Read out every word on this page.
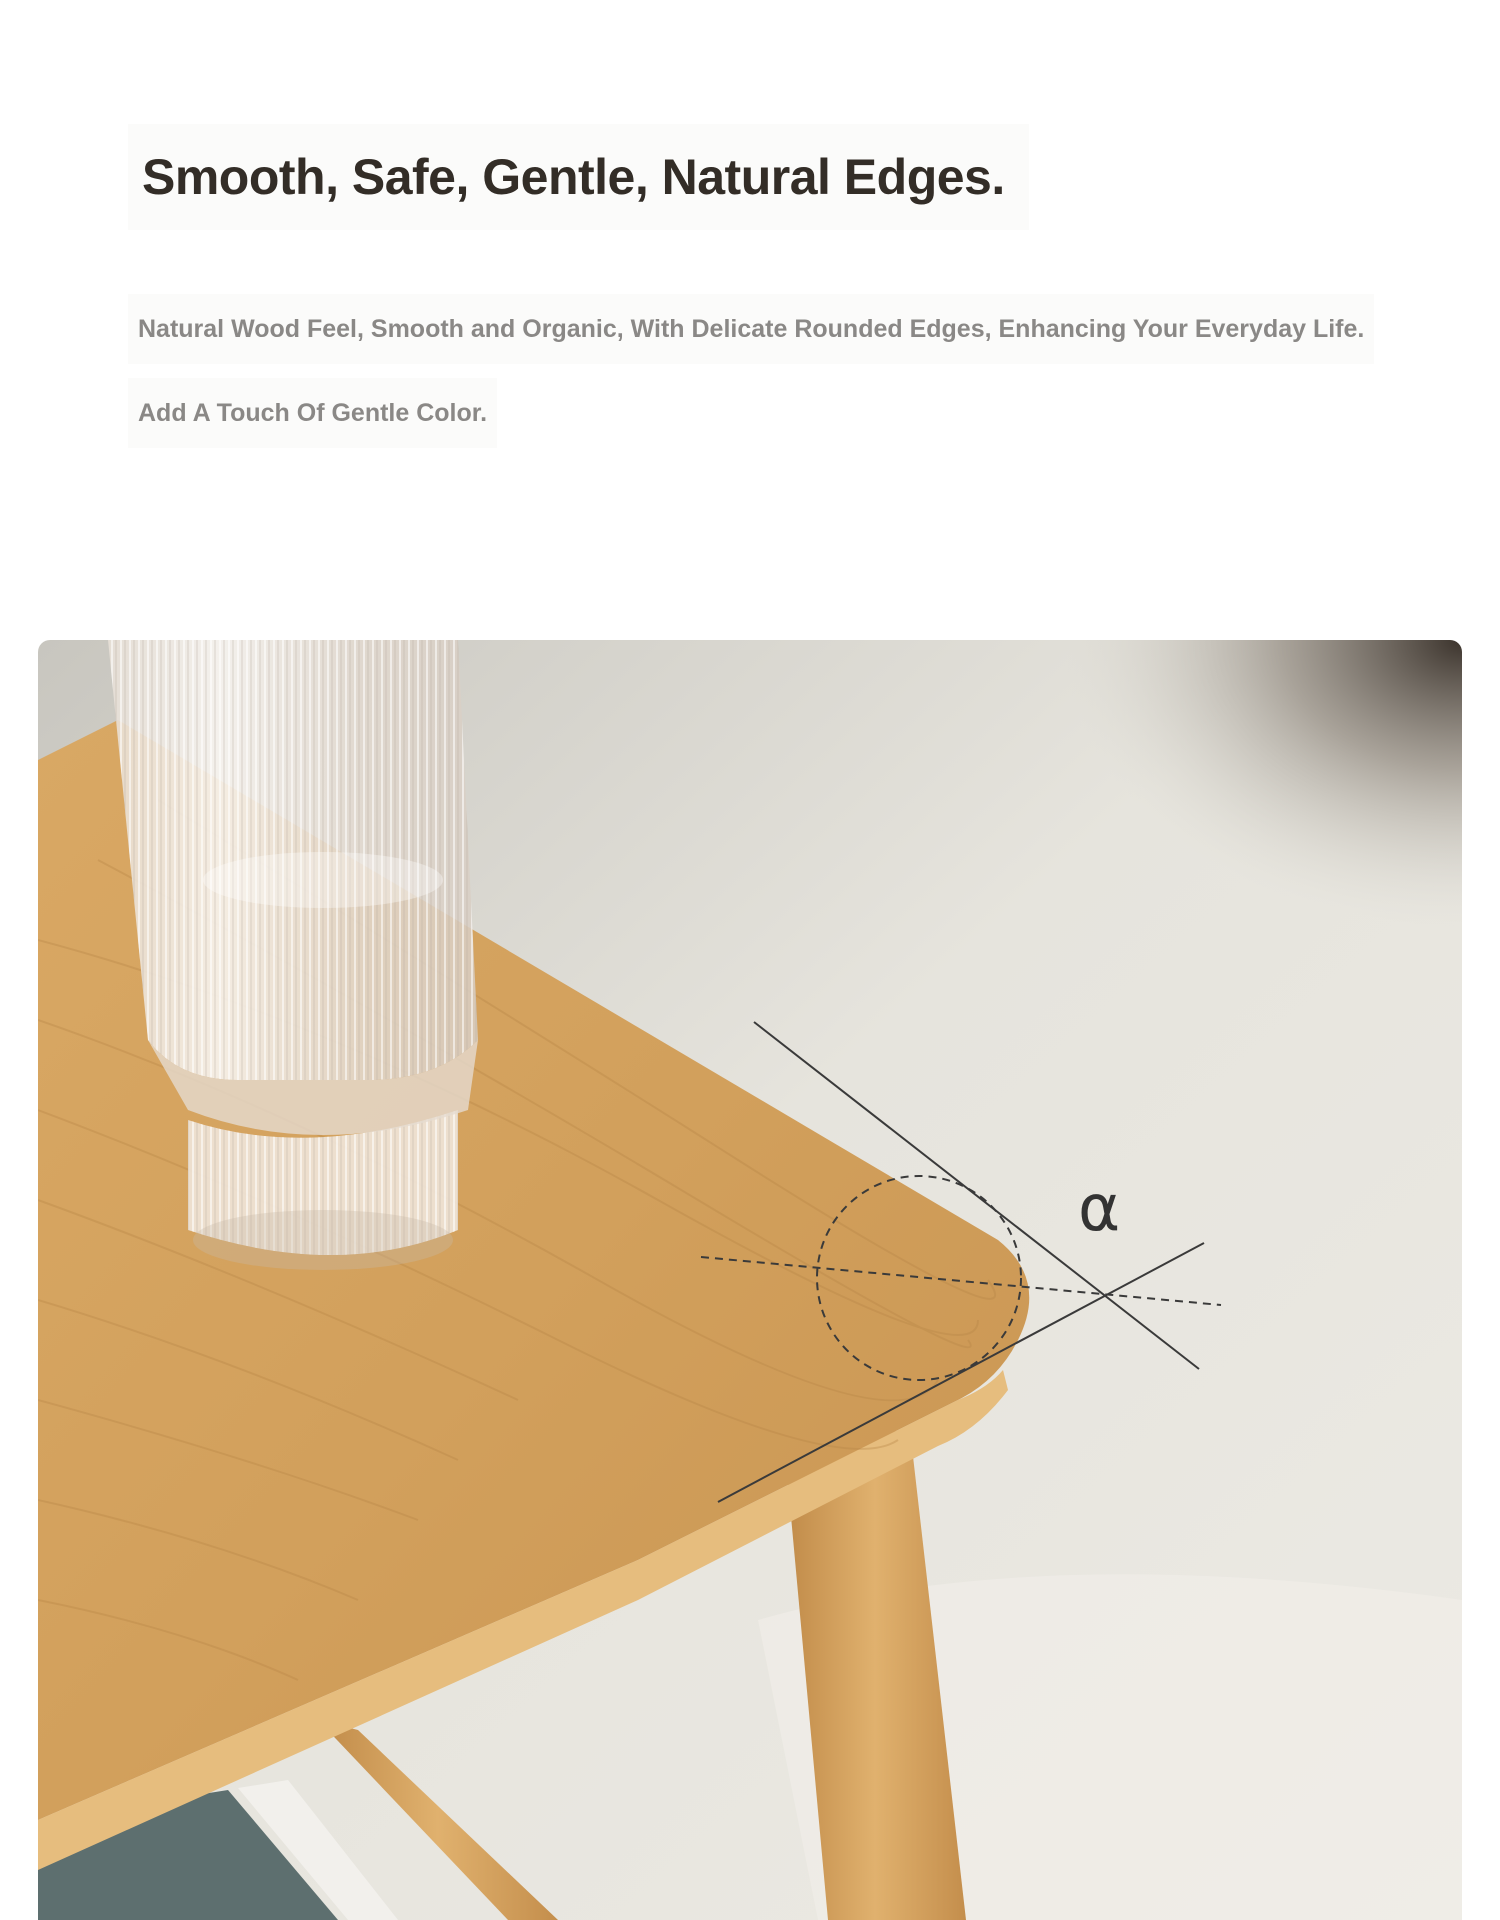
Smooth, Safe, Gentle, Natural Edges.
Natural Wood Feel, Smooth and Organic, With Delicate Rounded Edges, Enhancing Your Everyday Life.
Add A Touch Of Gentle Color.
α
